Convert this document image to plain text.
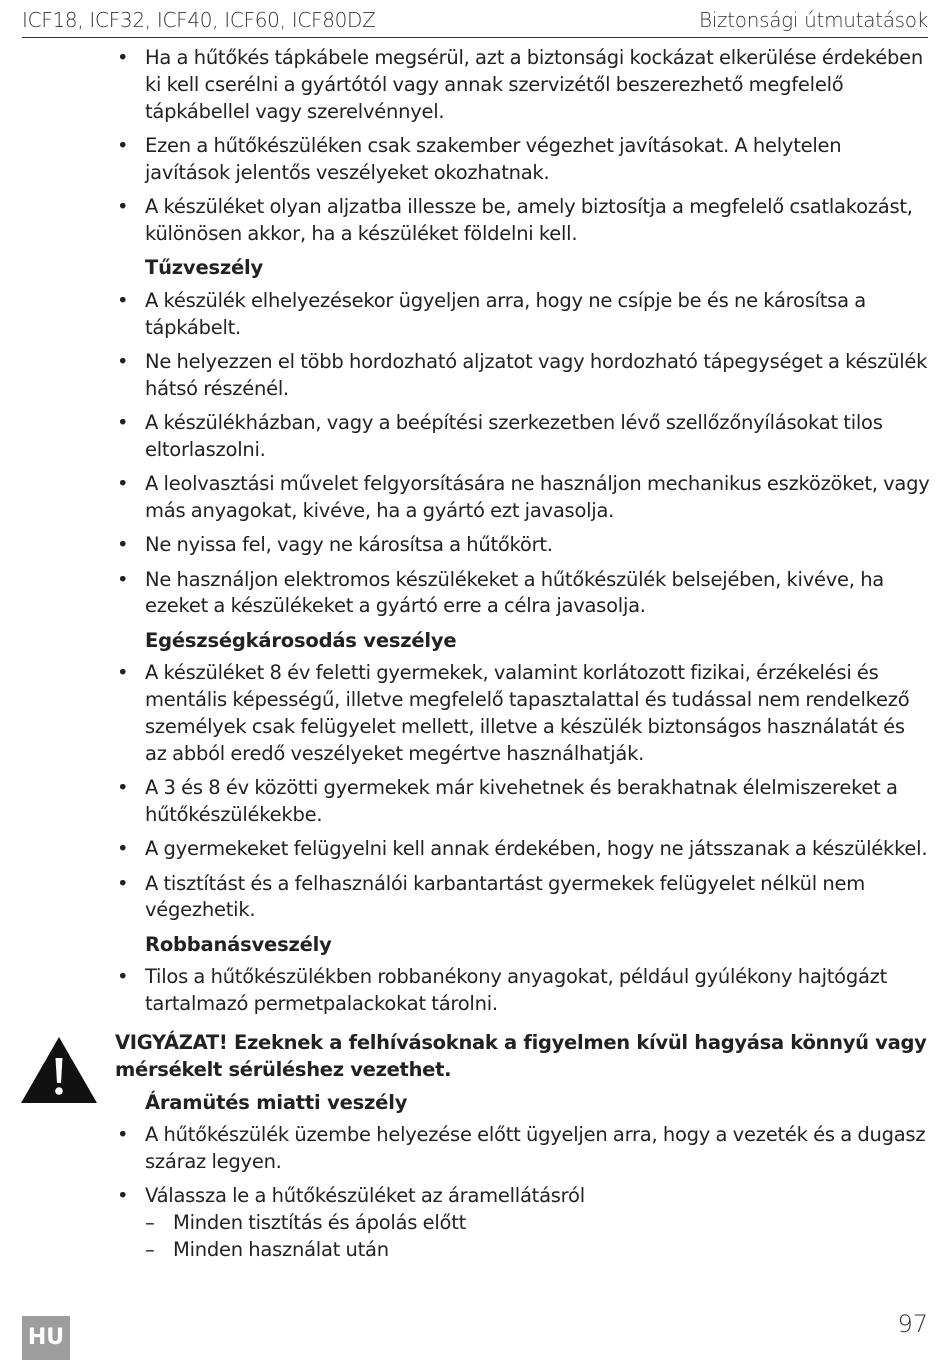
ICF18, ICF32, ICF40, ICF60, ICF80DZ	Biztonsági útmutatások
• Ha a hűtőkés tápkábele megsérül, azt a biztonsági kockázat elkerülése érdekében ki kell cserélni a gyártótól vagy annak szervizétől beszerezhető megfelelő tápkábellel vagy szerelvénnyel.
• Ezen a hűtőkészüléken csak szakember végezhet javításokat. A helytelen javítások jelentős veszélyeket okozhatnak.
• A készüléket olyan aljzatba illessze be, amely biztosítja a megfelelő csatlakozást, különösen akkor, ha a készüléket földelni kell.
Tűzveszély
• A készülék elhelyezésekor ügyeljen arra, hogy ne csípje be és ne károsítsa a tápkábelt.
• Ne helyezzen el több hordozható aljzatot vagy hordozható tápegységet a készülék hátsó részénél.
• A készülékházban, vagy a beépítési szerkezetben lévő szellőzőnyílásokat tilos eltorlaszolni.
• A leolvasztási művelet felgyorsítására ne használjon mechanikus eszközöket, vagy más anyagokat, kivéve, ha a gyártó ezt javasolja.
• Ne nyissa fel, vagy ne károsítsa a hűtőkört.
• Ne használjon elektromos készülékeket a hűtőkészülék belsejében, kivéve, ha ezeket a készülékeket a gyártó erre a célra javasolja.
Egészségkárosodás veszélye
• A készüléket 8 év feletti gyermekek, valamint korlátozott fizikai, érzékelési és mentális képességű, illetve megfelelő tapasztalattal és tudással nem rendelkező személyek csak felügyelet mellett, illetve a készülék biztonságos használatát és az abból eredő veszélyeket megértve használhatják.
• A 3 és 8 év közötti gyermekek már kivehetnek és berakhatnak élelmiszereket a hűtőkészülékekbe.
• A gyermekeket felügyelni kell annak érdekében, hogy ne játsszanak a készülékkel.
• A tisztítást és a felhasználói karbantartást gyermekek felügyelet nélkül nem végezhetik.
Robbanásveszély
• Tilos a hűtőkészülékben robbanékony anyagokat, például gyúlékony hajtógázt tartalmazó permetpalackokat tárolni.
VIGYÁZAT! Ezeknek a felhívásoknak a figyelmen kívül hagyása könnyű vagy mérsékelt sérüléshez vezethet.
Áramütés miatti veszély
• A hűtőkészülék üzembe helyezése előtt ügyeljen arra, hogy a vezeték és a dugasz száraz legyen.
• Válassza le a hűtőkészüléket az áramellátásról
– Minden tisztítás és ápolás előtt
– Minden használat után
HU	97
